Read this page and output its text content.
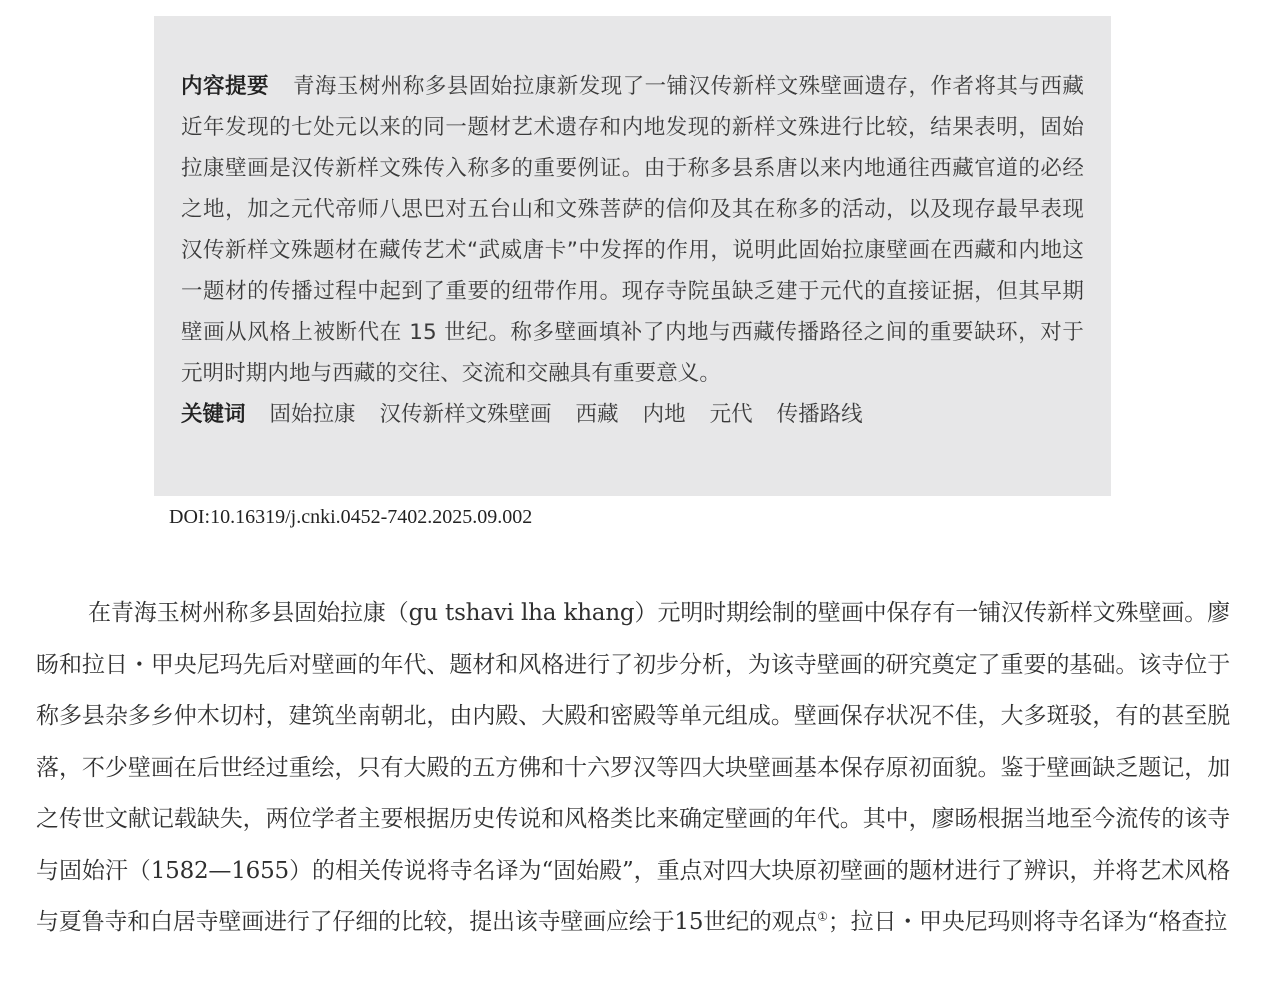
内容提要 青海玉树州称多县固始拉康新发现了一铺汉传新样文殊壁画遗存，作者将其与西藏近年发现的七处元以来的同一题材艺术遗存和内地发现的新样文殊进行比较，结果表明，固始拉康壁画是汉传新样文殊传入称多的重要例证。由于称多县系唐以来内地通往西藏官道的必经之地，加之元代帝师八思巴对五台山和文殊菩萨的信仰及其在称多的活动，以及现存最早表现汉传新样文殊题材在藏传艺术“武威唐卡”中发挥的作用，说明此固始拉康壁画在西藏和内地这一题材的传播过程中起到了重要的纽带作用。现存寺院虽缺乏建于元代的直接证据，但其早期壁画从风格上被断代在 15 世纪。称多壁画填补了内地与西藏传播路径之间的重要缺环，对于元明时期内地与西藏的交往、交流和交融具有重要意义。

关键词 固始拉康 汉传新样文殊壁画 西藏 内地 元代 传播路线

DOI:10.16319/j.cnki.0452-7402.2025.09.002

在青海玉树州称多县固始拉康（gu tshavi lha khang）元明时期绘制的壁画中保存有一铺汉传新样文殊壁画。廖旸和拉日・甲央尼玛先后对壁画的年代、题材和风格进行了初步分析，为该寺壁画的研究奠定了重要的基础。该寺位于称多县杂多乡仲木切村，建筑坐南朝北，由内殿、大殿和密殿等单元组成。壁画保存状况不佳，大多斑驳，有的甚至脱落，不少壁画在后世经过重绘，只有大殿的五方佛和十六罗汉等四大块壁画基本保存原初面貌。鉴于壁画缺乏题记，加之传世文献记载缺失，两位学者主要根据历史传说和风格类比来确定壁画的年代。其中，廖旸根据当地至今流传的该寺与固始汗（1582—1655）的相关传说将寺名译为“固始殿”，重点对四大块原初壁画的题材进行了辨识，并将艺术风格与夏鲁寺和白居寺壁画进行了仔细的比较，提出该寺壁画应绘于15世纪的观点①；拉日・甲央尼玛则将寺名译为“格查拉
